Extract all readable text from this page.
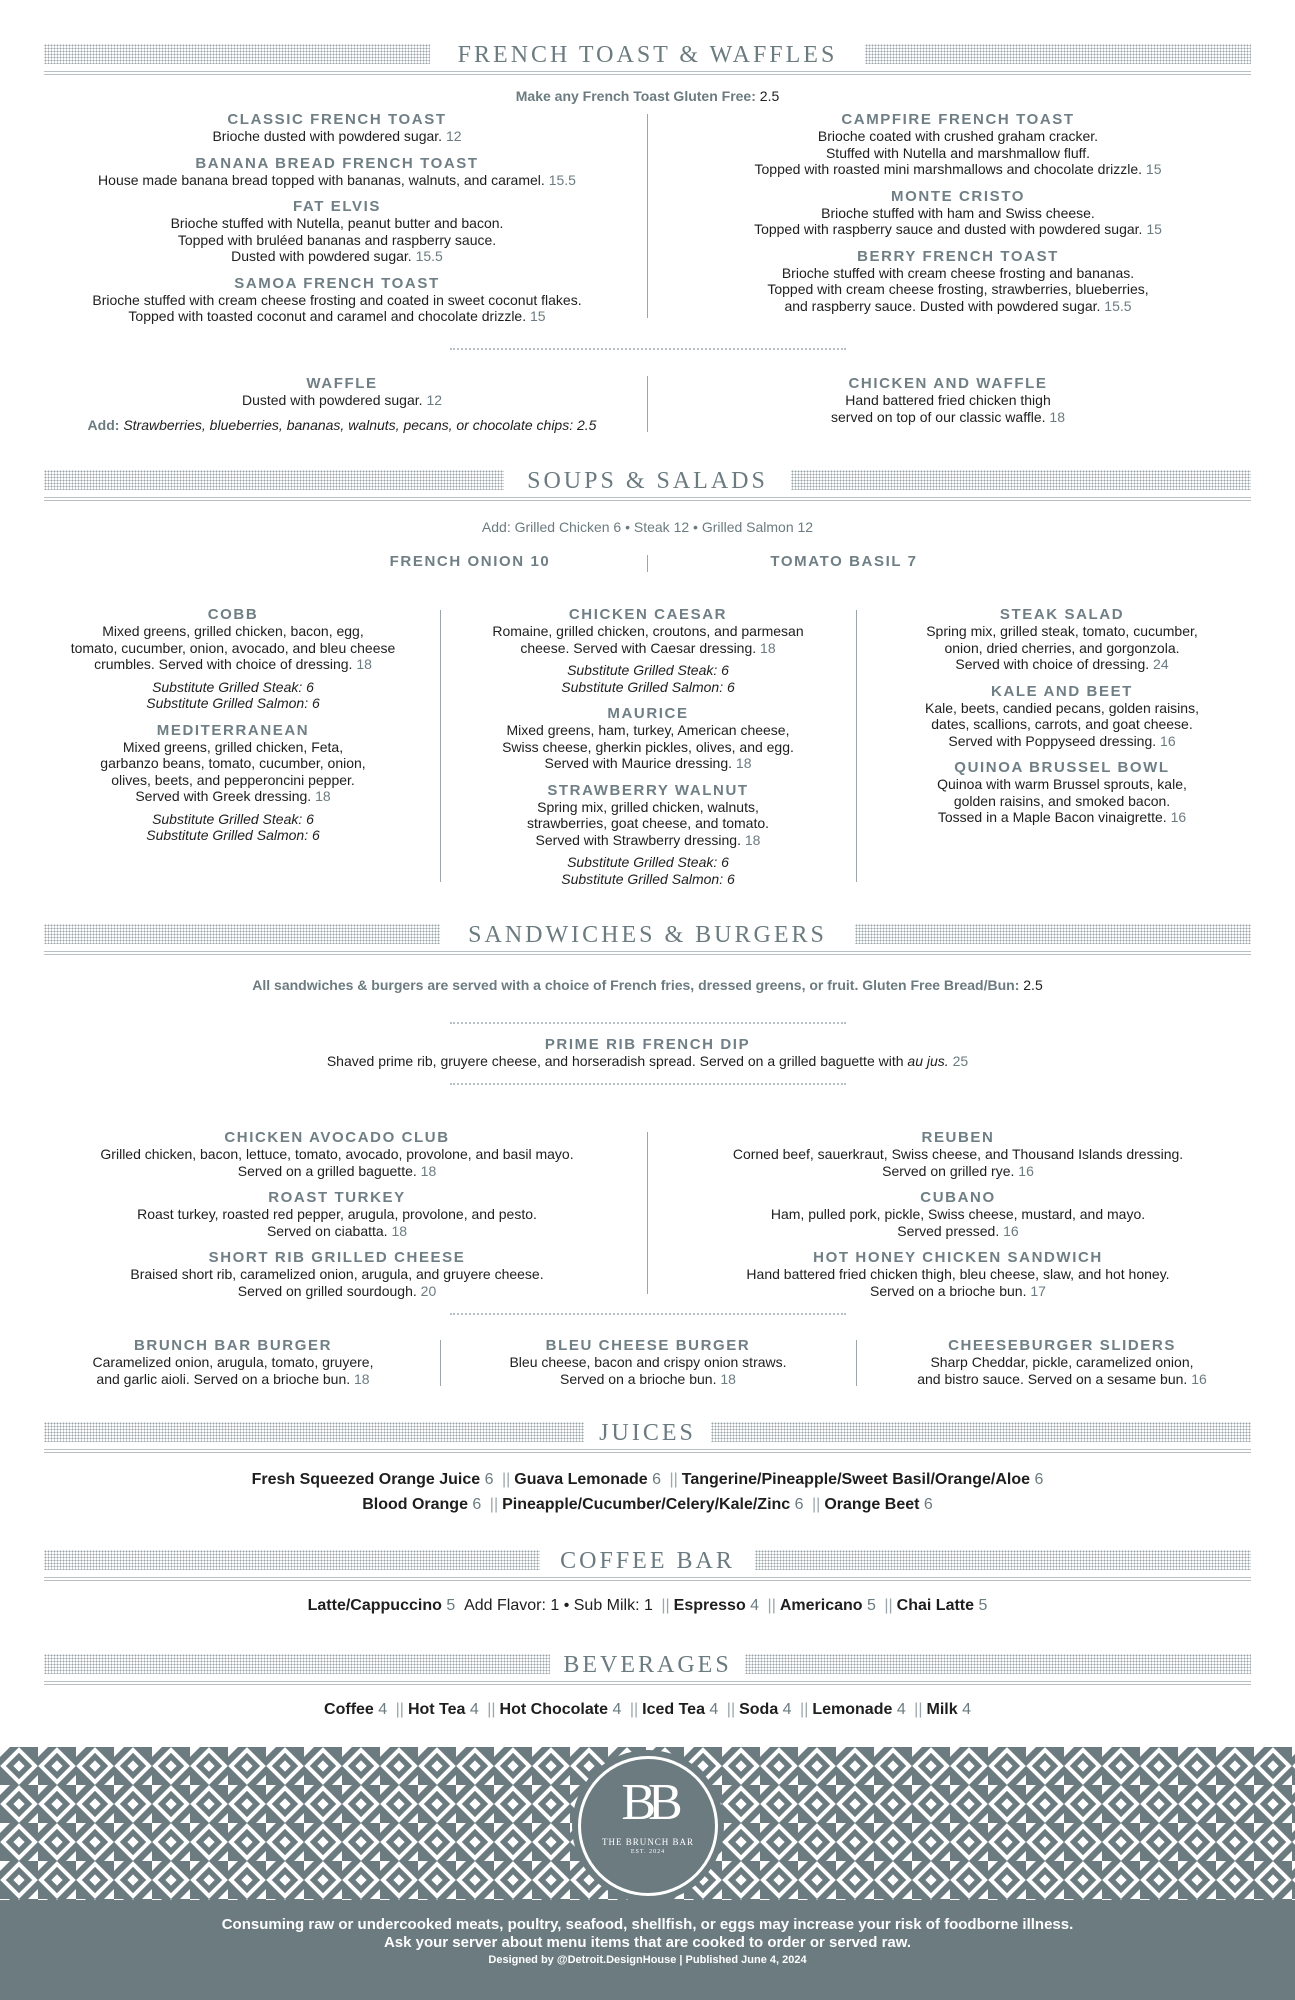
FRENCH TOAST & WAFFLES
Make any French Toast Gluten Free: 2.5
CLASSIC FRENCH TOAST
Brioche dusted with powdered sugar. 12
BANANA BREAD FRENCH TOAST
House made banana bread topped with bananas, walnuts, and caramel. 15.5
FAT ELVIS
Brioche stuffed with Nutella, peanut butter and bacon.
Topped with bruléed bananas and raspberry sauce.
Dusted with powdered sugar. 15.5
SAMOA FRENCH TOAST
Brioche stuffed with cream cheese frosting and coated in sweet coconut flakes.
Topped with toasted coconut and caramel and chocolate drizzle. 15
CAMPFIRE FRENCH TOAST
Brioche coated with crushed graham cracker.
Stuffed with Nutella and marshmallow fluff.
Topped with roasted mini marshmallows and chocolate drizzle. 15
MONTE CRISTO
Brioche stuffed with ham and Swiss cheese.
Topped with raspberry sauce and dusted with powdered sugar. 15
BERRY FRENCH TOAST
Brioche stuffed with cream cheese frosting and bananas.
Topped with cream cheese frosting, strawberries, blueberries,
and raspberry sauce. Dusted with powdered sugar. 15.5
WAFFLE
Dusted with powdered sugar. 12
Add: Strawberries, blueberries, bananas, walnuts, pecans, or chocolate chips: 2.5
CHICKEN AND WAFFLE
Hand battered fried chicken thigh
served on top of our classic waffle. 18
SOUPS & SALADS
Add: Grilled Chicken 6 • Steak 12 • Grilled Salmon 12
FRENCH ONION 10	TOMATO BASIL 7
COBB
Mixed greens, grilled chicken, bacon, egg,
tomato, cucumber, onion, avocado, and bleu cheese
crumbles. Served with choice of dressing. 18
Substitute Grilled Steak: 6
Substitute Grilled Salmon: 6
MEDITERRANEAN
Mixed greens, grilled chicken, Feta,
garbanzo beans, tomato, cucumber, onion,
olives, beets, and pepperoncini pepper.
Served with Greek dressing. 18
Substitute Grilled Steak: 6
Substitute Grilled Salmon: 6
CHICKEN CAESAR
Romaine, grilled chicken, croutons, and parmesan
cheese. Served with Caesar dressing. 18
Substitute Grilled Steak: 6
Substitute Grilled Salmon: 6
MAURICE
Mixed greens, ham, turkey, American cheese,
Swiss cheese, gherkin pickles, olives, and egg.
Served with Maurice dressing. 18
STRAWBERRY WALNUT
Spring mix, grilled chicken, walnuts,
strawberries, goat cheese, and tomato.
Served with Strawberry dressing. 18
Substitute Grilled Steak: 6
Substitute Grilled Salmon: 6
STEAK SALAD
Spring mix, grilled steak, tomato, cucumber,
onion, dried cherries, and gorgonzola.
Served with choice of dressing. 24
KALE AND BEET
Kale, beets, candied pecans, golden raisins,
dates, scallions, carrots, and goat cheese.
Served with Poppyseed dressing. 16
QUINOA BRUSSEL BOWL
Quinoa with warm Brussel sprouts, kale,
golden raisins, and smoked bacon.
Tossed in a Maple Bacon vinaigrette. 16
SANDWICHES & BURGERS
All sandwiches & burgers are served with a choice of French fries, dressed greens, or fruit. Gluten Free Bread/Bun: 2.5
PRIME RIB FRENCH DIP
Shaved prime rib, gruyere cheese, and horseradish spread. Served on a grilled baguette with au jus. 25
CHICKEN AVOCADO CLUB
Grilled chicken, bacon, lettuce, tomato, avocado, provolone, and basil mayo.
Served on a grilled baguette. 18
ROAST TURKEY
Roast turkey, roasted red pepper, arugula, provolone, and pesto.
Served on ciabatta. 18
SHORT RIB GRILLED CHEESE
Braised short rib, caramelized onion, arugula, and gruyere cheese.
Served on grilled sourdough. 20
REUBEN
Corned beef, sauerkraut, Swiss cheese, and Thousand Islands dressing.
Served on grilled rye. 16
CUBANO
Ham, pulled pork, pickle, Swiss cheese, mustard, and mayo.
Served pressed. 16
HOT HONEY CHICKEN SANDWICH
Hand battered fried chicken thigh, bleu cheese, slaw, and hot honey.
Served on a brioche bun. 17
BRUNCH BAR BURGER
Caramelized onion, arugula, tomato, gruyere,
and garlic aioli. Served on a brioche bun. 18
BLEU CHEESE BURGER
Bleu cheese, bacon and crispy onion straws.
Served on a brioche bun. 18
CHEESEBURGER SLIDERS
Sharp Cheddar, pickle, caramelized onion,
and bistro sauce. Served on a sesame bun. 16
JUICES
Fresh Squeezed Orange Juice 6 || Guava Lemonade 6 || Tangerine/Pineapple/Sweet Basil/Orange/Aloe 6
Blood Orange 6 || Pineapple/Cucumber/Celery/Kale/Zinc 6 || Orange Beet 6
COFFEE BAR
Latte/Cappuccino 5 Add Flavor: 1 • Sub Milk: 1 || Espresso 4 || Americano 5 || Chai Latte 5
BEVERAGES
Coffee 4 || Hot Tea 4 || Hot Chocolate 4 || Iced Tea 4 || Soda 4 || Lemonade 4 || Milk 4
BB
THE BRUNCH BAR
EST. 2024
Consuming raw or undercooked meats, poultry, seafood, shellfish, or eggs may increase your risk of foodborne illness.
Ask your server about menu items that are cooked to order or served raw.
Designed by @Detroit.DesignHouse | Published June 4, 2024
